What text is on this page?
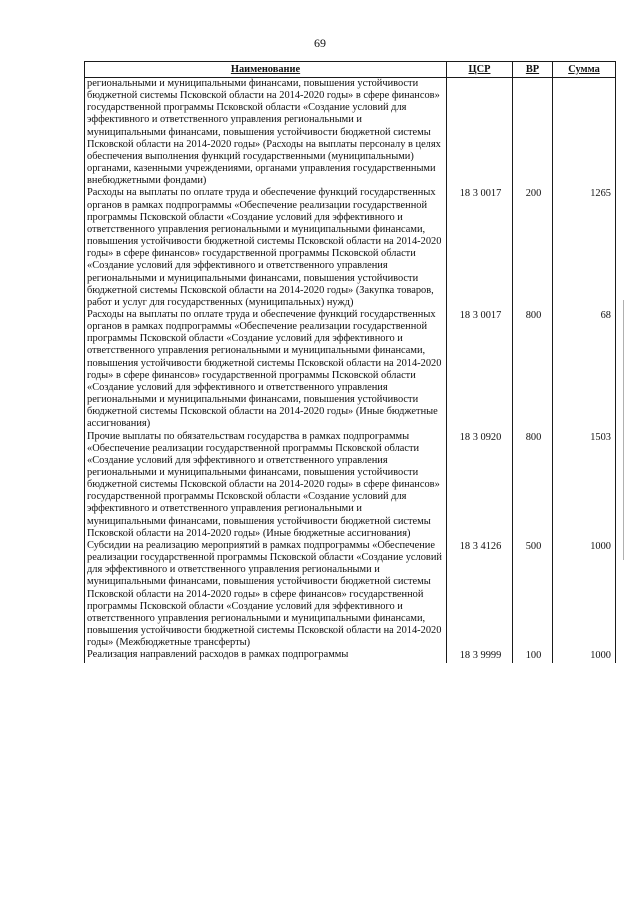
69
Наименование	ЦСР	ВР	Сумма
региональными и муниципальными финансами, повышения устойчивости бюджетной системы Псковской области на 2014-2020 годы» в сфере финансов» государственной программы Псковской области «Создание условий для эффективного и ответственного управления региональными и муниципальными финансами, повышения устойчивости бюджетной системы Псковской области на 2014-2020 годы» (Расходы на выплаты персоналу в целях обеспечения выполнения функций государственными (муниципальными) органами, казенными учреждениями, органами управления государственными внебюджетными фондами)			
Расходы на выплаты по оплате труда и обеспечение функций государственных органов в рамках подпрограммы «Обеспечение реализации государственной программы Псковской области «Создание условий для эффективного и ответственного управления региональными и муниципальными финансами, повышения устойчивости бюджетной системы Псковской области на 2014-2020 годы» в сфере финансов» государственной программы Псковской области «Создание условий для эффективного и ответственного управления региональными и муниципальными финансами, повышения устойчивости бюджетной системы Псковской области на 2014-2020 годы» (Закупка товаров, работ и услуг для государственных (муниципальных) нужд)	18 3 0017	200	1265
Расходы на выплаты по оплате труда и обеспечение функций государственных органов в рамках подпрограммы «Обеспечение реализации государственной программы Псковской области «Создание условий для эффективного и ответственного управления региональными и муниципальными финансами, повышения устойчивости бюджетной системы Псковской области на 2014-2020 годы» в сфере финансов» государственной программы Псковской области «Создание условий для эффективного и ответственного управления региональными и муниципальными финансами, повышения устойчивости бюджетной системы Псковской области на 2014-2020 годы» (Иные бюджетные ассигнования)	18 3 0017	800	68
Прочие выплаты по обязательствам государства в рамках подпрограммы «Обеспечение реализации государственной программы Псковской области «Создание условий для эффективного и ответственного управления региональными и муниципальными финансами, повышения устойчивости бюджетной системы Псковской области на 2014-2020 годы» в сфере финансов» государственной программы Псковской области «Создание условий для эффективного и ответственного управления региональными и муниципальными финансами, повышения устойчивости бюджетной системы Псковской области на 2014-2020 годы» (Иные бюджетные ассигнования)	18 3 0920	800	1503
Субсидии на реализацию мероприятий в рамках подпрограммы «Обеспечение реализации государственной программы Псковской области «Создание условий для эффективного и ответственного управления региональными и муниципальными финансами, повышения устойчивости бюджетной системы Псковской области на 2014-2020 годы» в сфере финансов» государственной программы Псковской области «Создание условий для эффективного и ответственного управления региональными и муниципальными финансами, повышения устойчивости бюджетной системы Псковской области на 2014-2020 годы» (Межбюджетные трансферты)	18 3 4126	500	1000
Реализация направлений расходов в рамках подпрограммы	18 3 9999	100	1000
